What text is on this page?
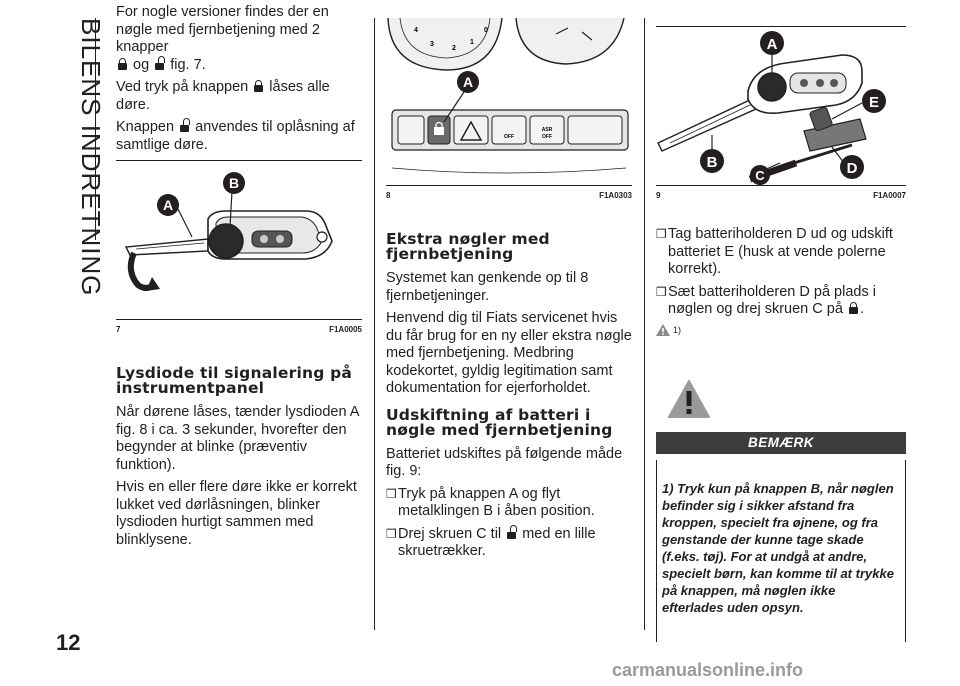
BILENS INDRETNING

For nogle versioner findes der en nøgle med fjernbetjening med 2 knapper

og fig. 7.

Ved tryk på knappen låses alle døre.

Knappen anvendes til oplåsning af samtlige døre.

A
B
7	F1A0005
Lysdiode til signalering på instrumentpanel

Når dørene låses, tænder lysdioden A fig. 8 i ca. 3 sekunder, hvorefter den begynder at blinke (præventiv funktion).

Hvis en eller flere døre ikke er korrekt lukket ved dørlåsningen, blinker lysdioden hurtigt sammen med blinklysene.

4
3
2
1
0
OFF
ASR
OFF
A
8	F1A0303
Ekstra nøgler med fjernbetjening

Systemet kan genkende op til 8 fjernbetjeninger.

Henvend dig til Fiats servicenet hvis du får brug for en ny eller ekstra nøgle med fjernbetjening. Medbring kodekortet, gyldig legitimation samt dokumentation for ejerforholdet.

Udskiftning af batteri i nøgle med fjernbetjening

Batteriet udskiftes på følgende måde fig. 9:

❒ Tryk på knappen A og flyt metalklingen B i åben position.
❒ Drej skruen C til med en lille skruetrækker.
A
E
B
C	D
9	F1A0007
❒ Tag batteriholderen D ud og udskift batteriet E (husk at vende polerne korrekt).
❒ Sæt batteriholderen D på plads i nøglen og drej skruen C på .
1)
BEMÆRK
1) Tryk kun på knappen B, når nøglen befinder sig i sikker afstand fra kroppen, specielt fra øjnene, og fra genstande der kunne tage skade (f.eks. tøj). For at undgå at andre, specielt børn, kan komme til at trykke på knappen, må nøglen ikke efterlades uden opsyn.
12
carmanualsonline.info
